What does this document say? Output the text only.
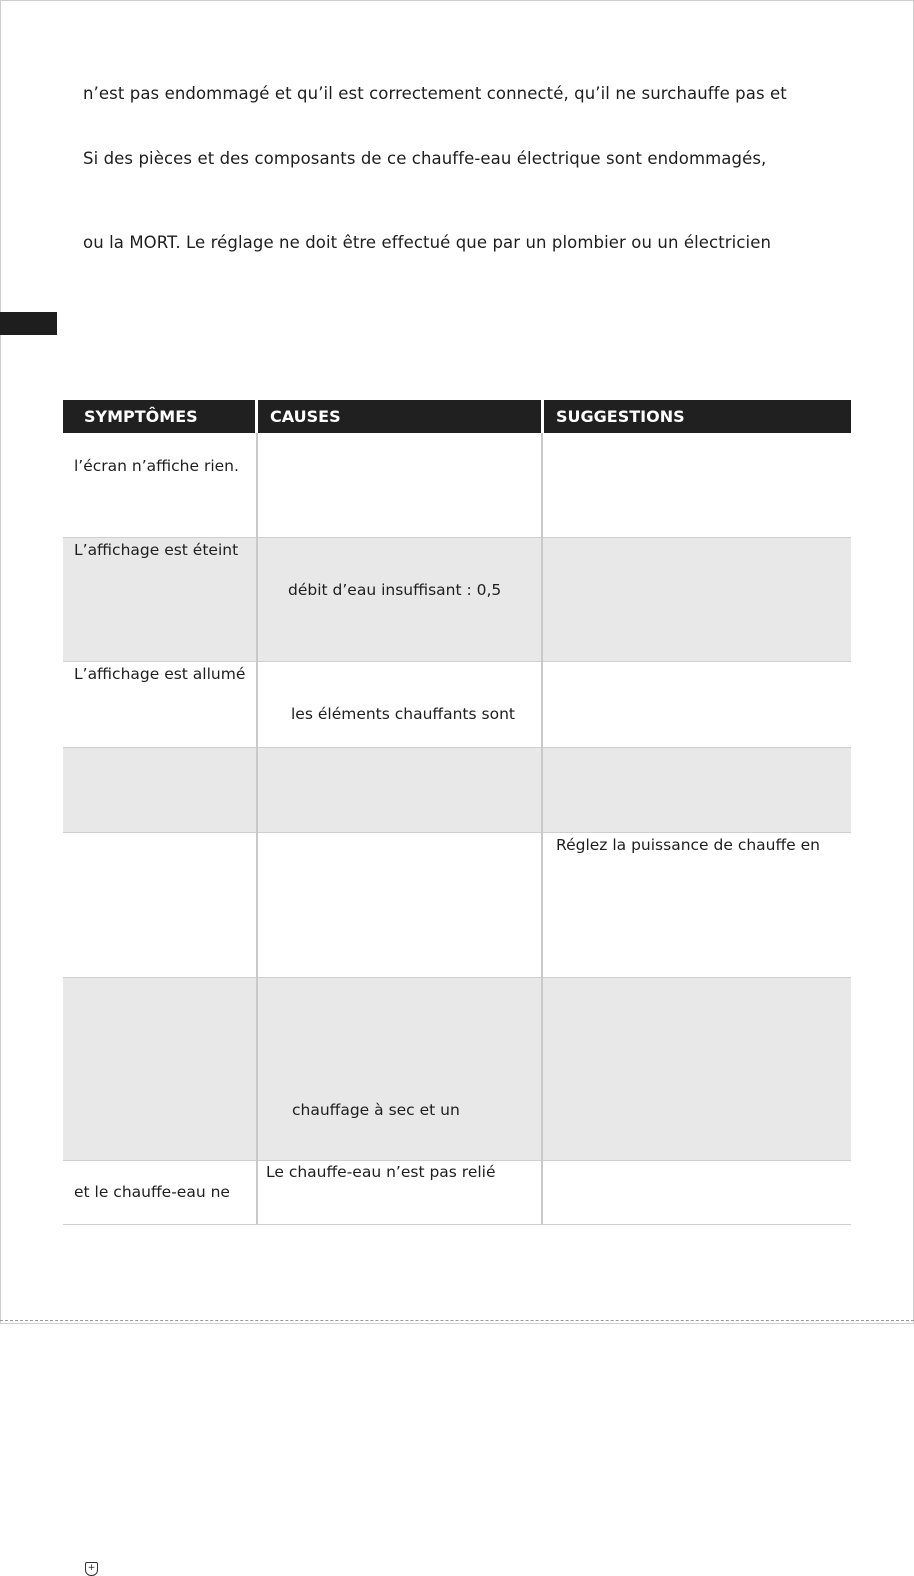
n’est pas endommagé et qu’il est correctement connecté, qu’il ne surchauffe pas et
Si des pièces et des composants de ce chauffe-eau électrique sont endommagés,
ou la MORT. Le réglage ne doit être effectué que par un plombier ou un électricien
SYMPTÔMES	CAUSES	SUGGESTIONS
l’écran n’affiche rien.
L’affichage est éteint
débit d’eau insuffisant : 0,5
L’affichage est allumé
les éléments chauffants sont
Réglez la puissance de chauffe en
chauffage à sec et un
+
et le chauffe-eau ne
Le chauffe-eau n’est pas relié
